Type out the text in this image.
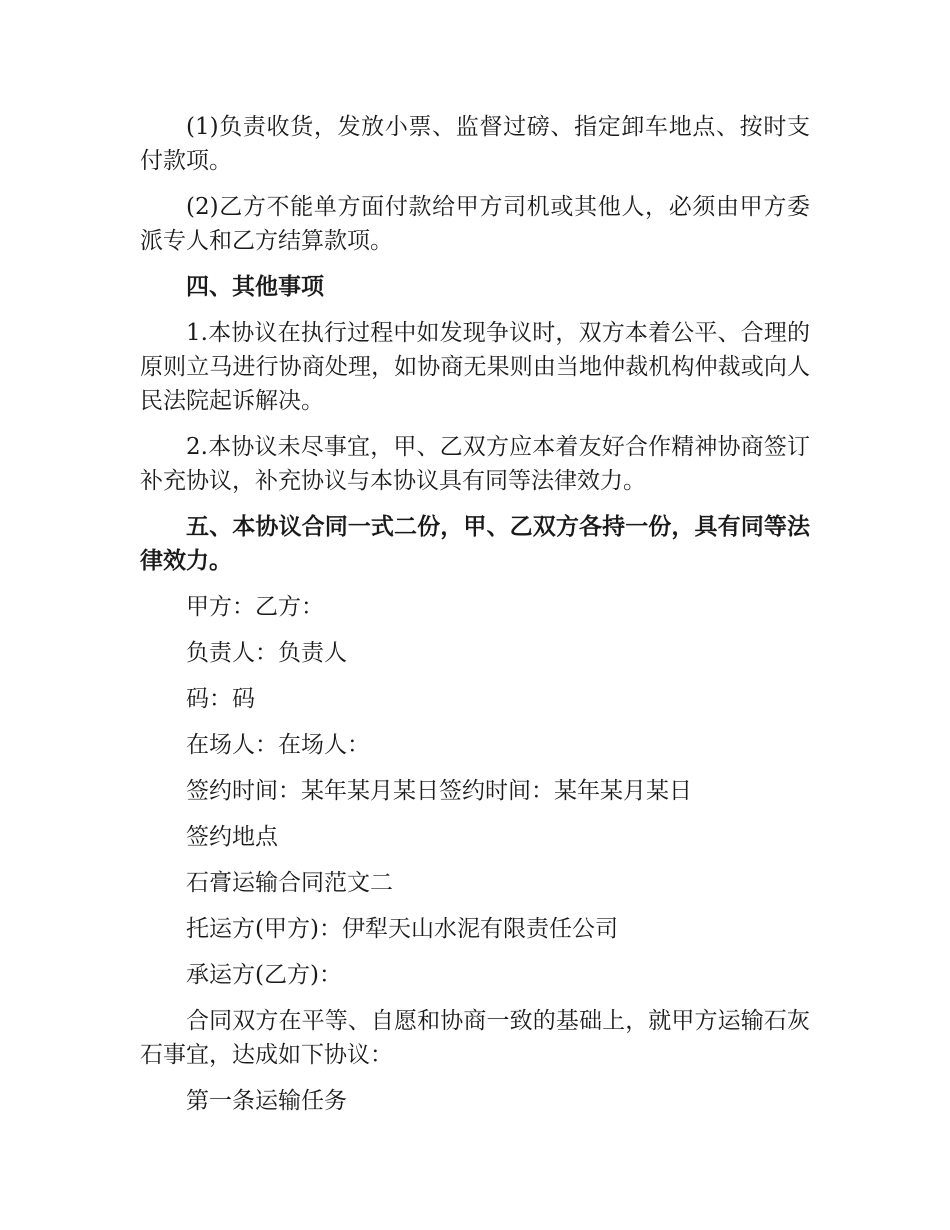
(1)负责收货，发放小票、监督过磅、指定卸车地点、按时支付款项。

(2)乙方不能单方面付款给甲方司机或其他人，必须由甲方委派专人和乙方结算款项。

四、其他事项

1.本协议在执行过程中如发现争议时，双方本着公平、合理的原则立马进行协商处理，如协商无果则由当地仲裁机构仲裁或向人民法院起诉解决。

2.本协议未尽事宜，甲、乙双方应本着友好合作精神协商签订补充协议，补充协议与本协议具有同等法律效力。

五、本协议合同一式二份，甲、乙双方各持一份，具有同等法律效力。

甲方：乙方：

负责人：负责人

码：码

在场人：在场人：

签约时间：某年某月某日签约时间：某年某月某日

签约地点

石膏运输合同范文二

托运方(甲方)：伊犁天山水泥有限责任公司

承运方(乙方)：

合同双方在平等、自愿和协商一致的基础上，就甲方运输石灰石事宜，达成如下协议：

第一条运输任务
